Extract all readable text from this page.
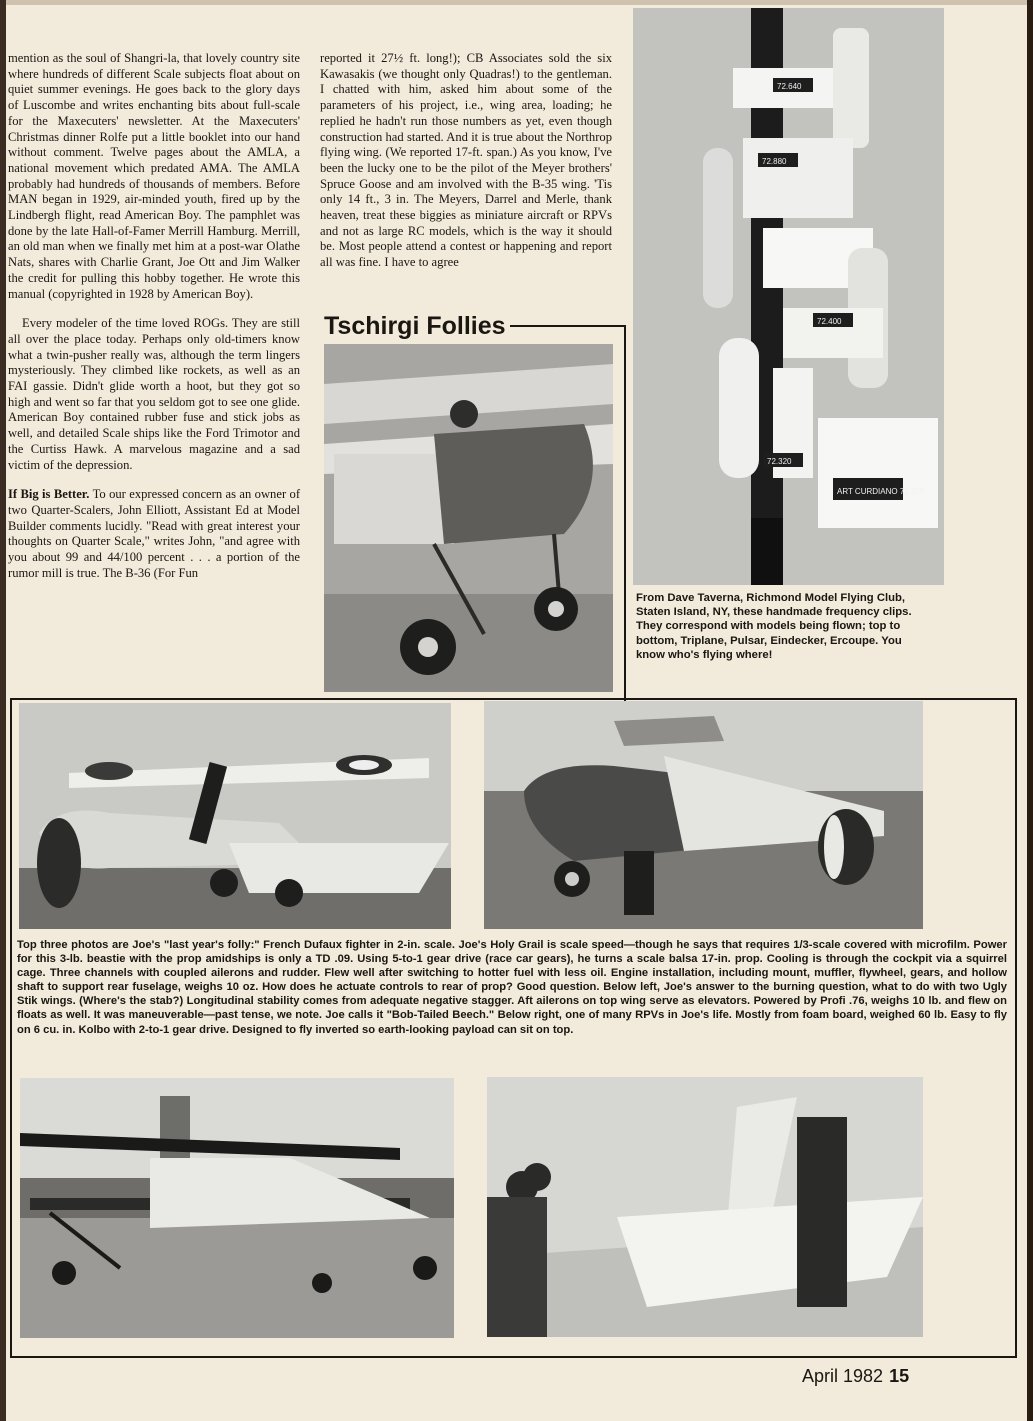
mention as the soul of Shangri-la, that lovely country site where hundreds of different Scale subjects float about on quiet summer evenings. He goes back to the glory days of Luscombe and writes enchanting bits about full-scale for the Maxecuters' newsletter. At the Maxecuters' Christmas dinner Rolfe put a little booklet into our hand without comment. Twelve pages about the AMLA, a national movement which predated AMA. The AMLA probably had hundreds of thousands of members. Before MAN began in 1929, air-minded youth, fired up by the Lindbergh flight, read American Boy. The pamphlet was done by the late Hall-of-Famer Merrill Hamburg. Merrill, an old man when we finally met him at a post-war Olathe Nats, shares with Charlie Grant, Joe Ott and Jim Walker the credit for pulling this hobby together. He wrote this manual (copyrighted in 1928 by American Boy).

Every modeler of the time loved ROGs. They are still all over the place today. Perhaps only old-timers know what a twin-pusher really was, although the term lingers mysteriously. They climbed like rockets, as well as an FAI gassie. Didn't glide worth a hoot, but they got so high and went so far that you seldom got to see one glide. American Boy contained rubber fuse and stick jobs as well, and detailed Scale ships like the Ford Trimotor and the Curtiss Hawk. A marvelous magazine and a sad victim of the depression.

If Big is Better. To our expressed concern as an owner of two Quarter-Scalers, John Elliott, Assistant Ed at Model Builder comments lucidly. "Read with great interest your thoughts on Quarter Scale," writes John, "and agree with you about 99 and 44/100 percent . . . a portion of the rumor mill is true. The B-36 (For Fun

reported it 27½ ft. long!); CB Associates sold the six Kawasakis (we thought only Quadras!) to the gentleman. I chatted with him, asked him about some of the parameters of his project, i.e., wing area, loading; he replied he hadn't run those numbers as yet, even though construction had started. And it is true about the Northrop flying wing. (We reported 17-ft. span.) As you know, I've been the lucky one to be the pilot of the Meyer brothers' Spruce Goose and am involved with the B-35 wing. 'Tis only 14 ft., 3 in. The Meyers, Darrel and Merle, thank heaven, treat these biggies as miniature aircraft or RPVs and not as large RC models, which is the way it should be. Most people attend a contest or happening and report all was fine. I have to agree

ART CURDIANO 72.320
72.640
72.880
72.400
72.320
From Dave Taverna, Richmond Model Flying Club, Staten Island, NY, these handmade frequency clips. They correspond with models being flown; top to bottom, Triplane, Pulsar, Eindecker, Ercoupe. You know who's flying where!
Tschirgi Follies
Top three photos are Joe's "last year's folly:" French Dufaux fighter in 2-in. scale. Joe's Holy Grail is scale speed—though he says that requires 1/3-scale covered with microfilm. Power for this 3-lb. beastie with the prop amidships is only a TD .09. Using 5-to-1 gear drive (race car gears), he turns a scale balsa 17-in. prop. Cooling is through the cockpit via a squirrel cage. Three channels with coupled ailerons and rudder. Flew well after switching to hotter fuel with less oil. Engine installation, including mount, muffler, flywheel, gears, and hollow shaft to support rear fuselage, weighs 10 oz. How does he actuate controls to rear of prop? Good question. Below left, Joe's answer to the burning question, what to do with two Ugly Stik wings. (Where's the stab?) Longitudinal stability comes from adequate negative stagger. Aft ailerons on top wing serve as elevators. Powered by Profi .76, weighs 10 lb. and flew on floats as well. It was maneuverable—past tense, we note. Joe calls it "Bob-Tailed Beech." Below right, one of many RPVs in Joe's life. Mostly from foam board, weighed 60 lb. Easy to fly on 6 cu. in. Kolbo with 2-to-1 gear drive. Designed to fly inverted so earth-looking payload can sit on top.
April 1982 15
